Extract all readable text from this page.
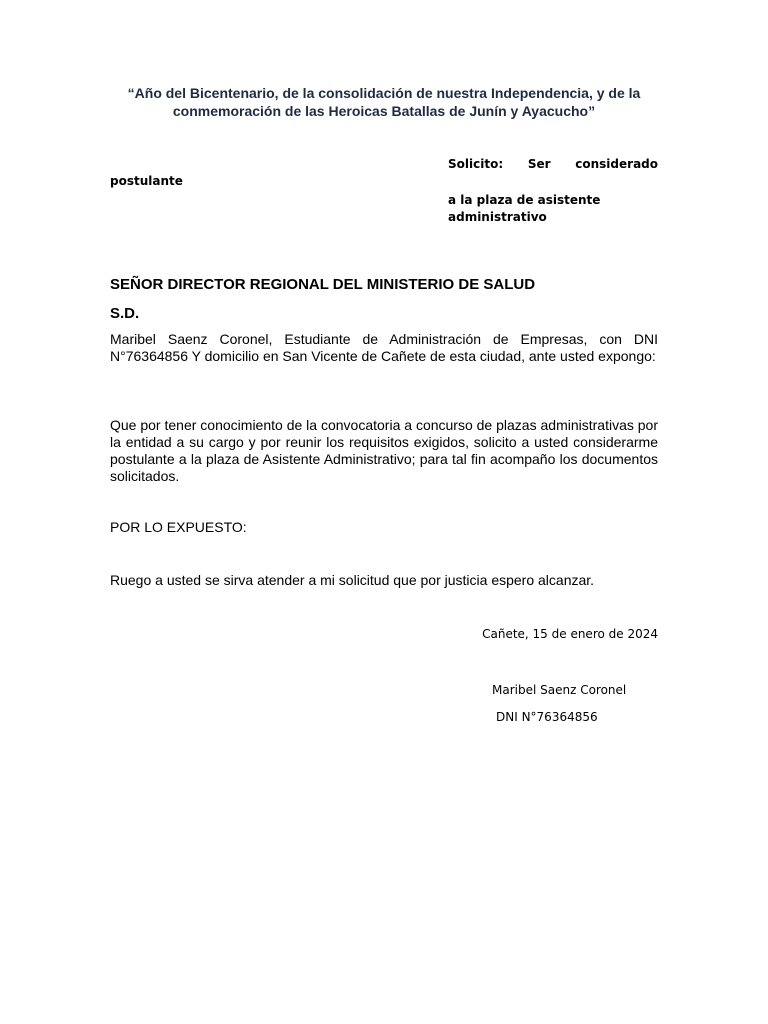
“Año del Bicentenario, de la consolidación de nuestra Independencia, y de la conmemoración de las Heroicas Batallas de Junín y Ayacucho”
Solicito: Ser considerado
postulante
a la plaza de asistente administrativo
SEÑOR DIRECTOR REGIONAL DEL MINISTERIO DE SALUD
S.D.
Maribel Saenz Coronel, Estudiante de Administración de Empresas, con DNI N°76364856 Y domicilio en San Vicente de Cañete de esta ciudad, ante usted expongo:
Que por tener conocimiento de la convocatoria a concurso de plazas administrativas por la entidad a su cargo y por reunir los requisitos exigidos, solicito a usted considerarme postulante a la plaza de Asistente Administrativo; para tal fin acompaño los documentos solicitados.
POR LO EXPUESTO:
Ruego a usted se sirva atender a mi solicitud que por justicia espero alcanzar.
Cañete, 15 de enero de 2024
Maribel Saenz Coronel
DNI N°76364856
